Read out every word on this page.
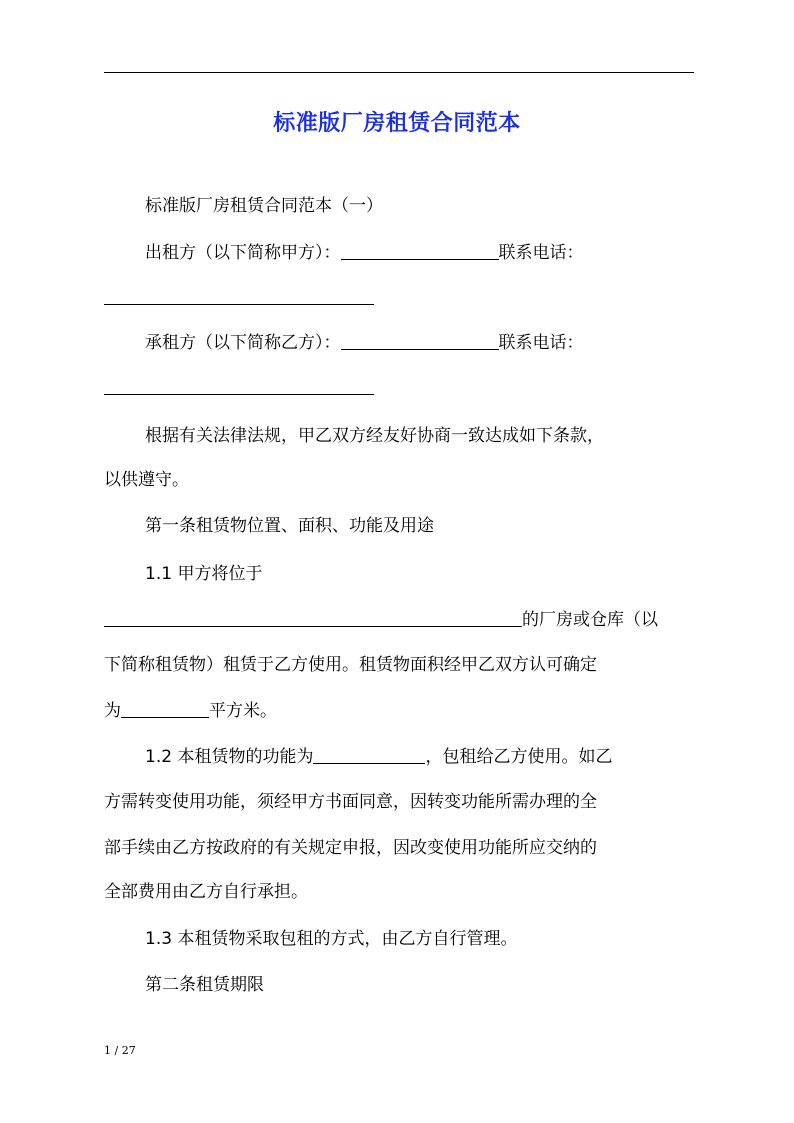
标准版厂房租赁合同范本
标准版厂房租赁合同范本（一）
出租方（以下简称甲方）：	联系电话：
承租方（以下简称乙方）：	联系电话：
根据有关法律法规，甲乙双方经友好协商一致达成如下条款，
以供遵守。
第一条租赁物位置、面积、功能及用途
1.1 甲方将位于
的厂房或仓库（以
下简称租赁物）租赁于乙方使用。租赁物面积经甲乙双方认可确定
为	平方米。
1.2 本租赁物的功能为	，包租给乙方使用。如乙
方需转变使用功能，须经甲方书面同意，因转变功能所需办理的全
部手续由乙方按政府的有关规定申报，因改变使用功能所应交纳的
全部费用由乙方自行承担。
1.3 本租赁物采取包租的方式，由乙方自行管理。
第二条租赁期限
1 / 27
